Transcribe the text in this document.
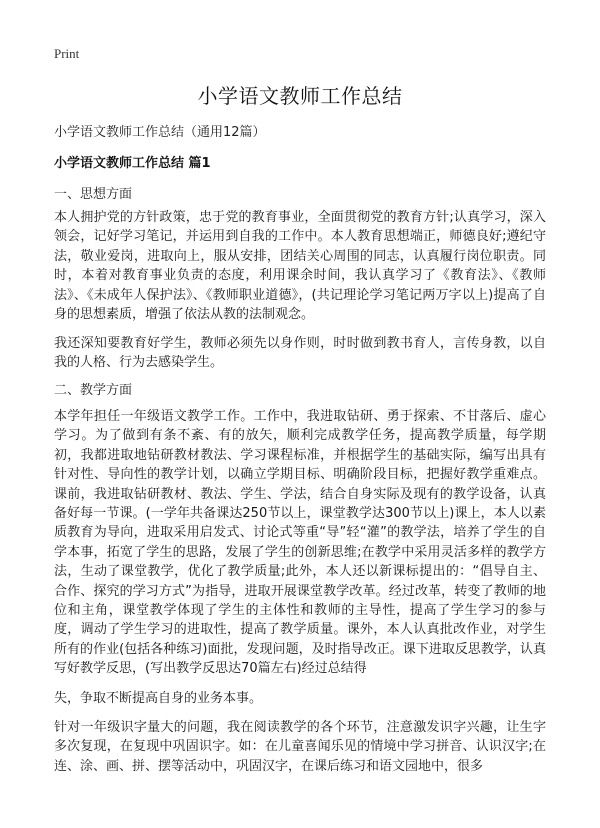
Print
小学语文教师工作总结
小学语文教师工作总结（通用12篇）
小学语文教师工作总结 篇1
一、思想方面
本人拥护党的方针政策，忠于党的教育事业，全面贯彻党的教育方针;认真学习，深入领会，记好学习笔记，并运用到自我的工作中。本人教育思想端正，师德良好;遵纪守法，敬业爱岗，进取向上，服从安排，团结关心周围的同志，认真履行岗位职责。同时，本着对教育事业负责的态度，利用课余时间，我认真学习了《教育法》、《教师法》、《未成年人保护法》、《教师职业道德》，(共记理论学习笔记两万字以上)提高了自身的思想素质，增强了依法从教的法制观念。
我还深知要教育好学生，教师必须先以身作则，时时做到教书育人，言传身教，以自我的人格、行为去感染学生。
二、教学方面
本学年担任一年级语文教学工作。工作中，我进取钻研、勇于探索、不甘落后、虚心学习。为了做到有条不紊、有的放矢，顺利完成教学任务，提高教学质量，每学期初，我都进取地钻研教材教法、学习课程标准，并根据学生的基础实际，编写出具有针对性、导向性的教学计划，以确立学期目标、明确阶段目标，把握好教学重难点。课前，我进取钻研教材、教法、学生、学法，结合自身实际及现有的教学设备，认真备好每一节课。(一学年共备课达250节以上，课堂教学达300节以上)课上，本人以素质教育为导向，进取采用启发式、讨论式等重“导”轻“灌”的教学法，培养了学生的自学本事，拓宽了学生的思路，发展了学生的创新思维;在教学中采用灵活多样的教学方法，生动了课堂教学，优化了教学质量;此外，本人还以新课标提出的：“倡导自主、合作、探究的学习方式”为指导，进取开展课堂教学改革。经过改革，转变了教师的地位和主角，课堂教学体现了学生的主体性和教师的主导性，提高了学生学习的参与度，调动了学生学习的进取性，提高了教学质量。课外，本人认真批改作业，对学生所有的作业(包括各种练习)面批，发现问题，及时指导改正。课下进取反思教学，认真写好教学反思，(写出教学反思达70篇左右)经过总结得
失，争取不断提高自身的业务本事。
针对一年级识字量大的问题，我在阅读教学的各个环节，注意激发识字兴趣，让生字多次复现，在复现中巩固识字。如：在儿童喜闻乐见的情境中学习拼音、认识汉字;在连、涂、画、拼、摆等活动中，巩固汉字，在课后练习和语文园地中，很多
